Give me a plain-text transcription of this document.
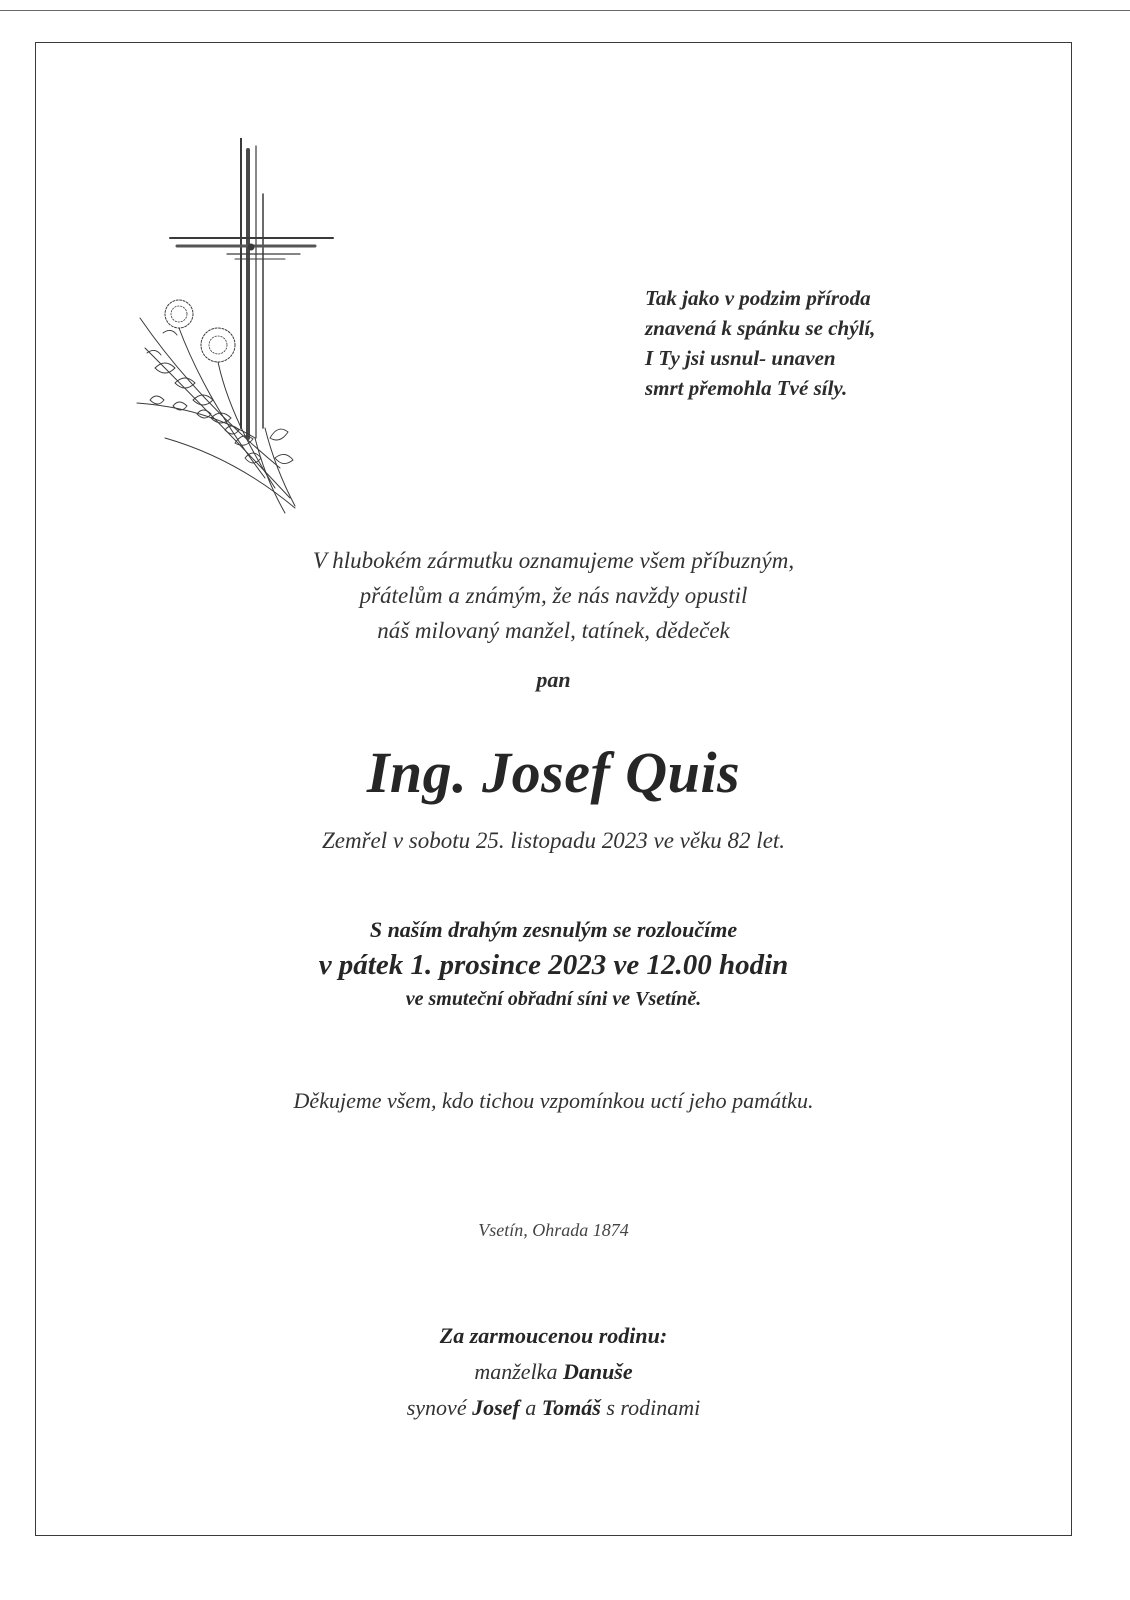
Tak jako v podzim příroda
znavená k spánku se chýlí,
I Ty jsi usnul- unaven
smrt přemohla Tvé síly.
V hlubokém zármutku oznamujeme všem příbuzným,
přátelům a známým, že nás navždy opustil
náš milovaný manžel, tatínek, dědeček
pan
Ing. Josef Quis
Zemřel v sobotu 25. listopadu 2023 ve věku 82 let.
S naším drahým zesnulým se rozloučíme
v pátek 1. prosince 2023 ve 12.00 hodin
ve smuteční obřadní síni ve Vsetíně.
Děkujeme všem, kdo tichou vzpomínkou uctí jeho památku.
Vsetín, Ohrada 1874
Za zarmoucenou rodinu:
manželka Danuše
synové Josef a Tomáš s rodinami
